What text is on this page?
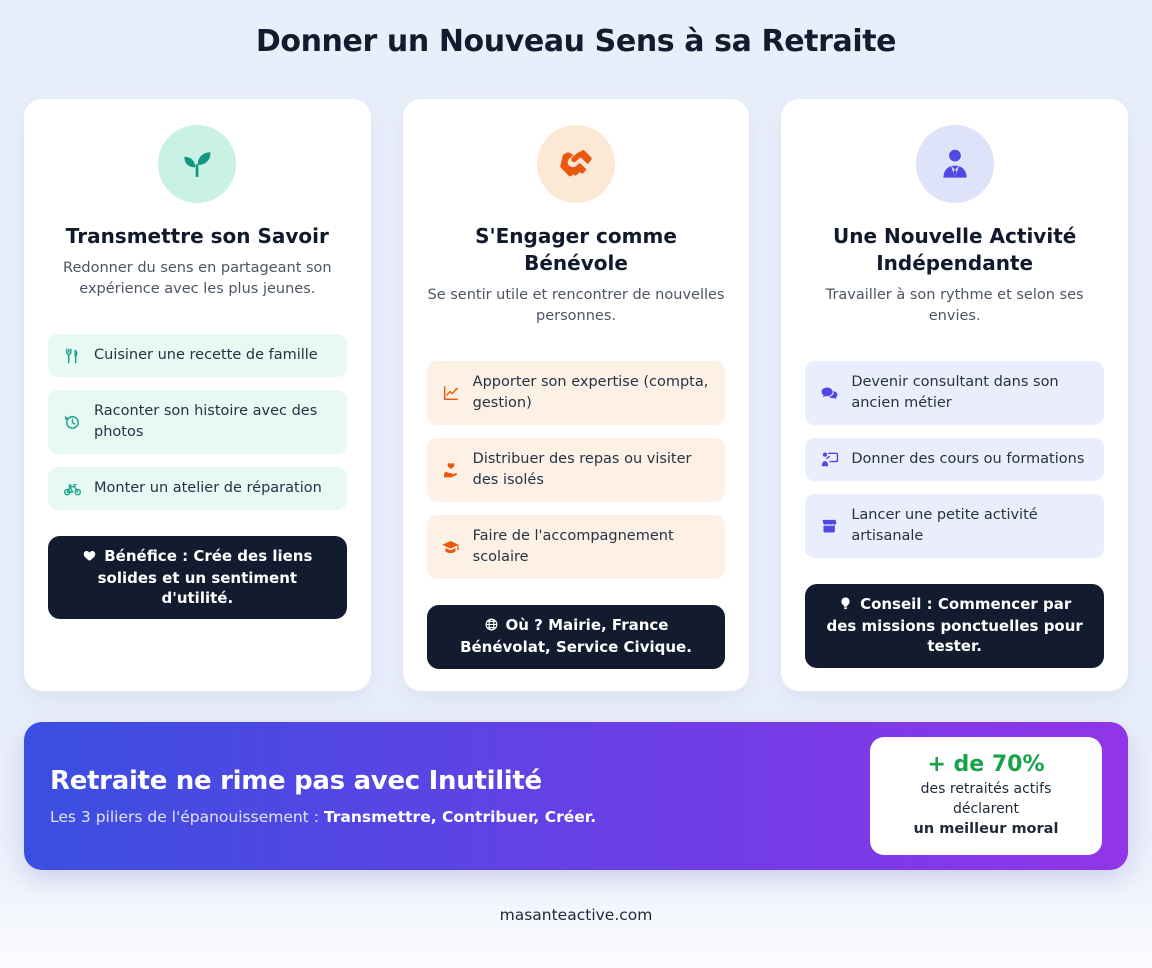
Donner un Nouveau Sens à sa Retraite
Transmettre son Savoir

Redonner du sens en partageant son expérience avec les plus jeunes.

Cuisiner une recette de famille
Raconter son histoire avec des photos
Monter un atelier de réparation
Bénéfice : Crée des liens solides et un sentiment d'utilité.
S'Engager comme Bénévole

Se sentir utile et rencontrer de nouvelles personnes.

Apporter son expertise (compta, gestion)
Distribuer des repas ou visiter des isolés
Faire de l'accompagnement scolaire
Où ? Mairie, France Bénévolat, Service Civique.
Une Nouvelle Activité Indépendante

Travailler à son rythme et selon ses envies.

Devenir consultant dans son ancien métier
Donner des cours ou formations
Lancer une petite activité artisanale
Conseil : Commencer par des missions ponctuelles pour tester.
Retraite ne rime pas avec Inutilité

Les 3 piliers de l'épanouissement : Transmettre, Contribuer, Créer.

+ de 70%
des retraités actifs déclarent
un meilleur moral
masanteactive.com
